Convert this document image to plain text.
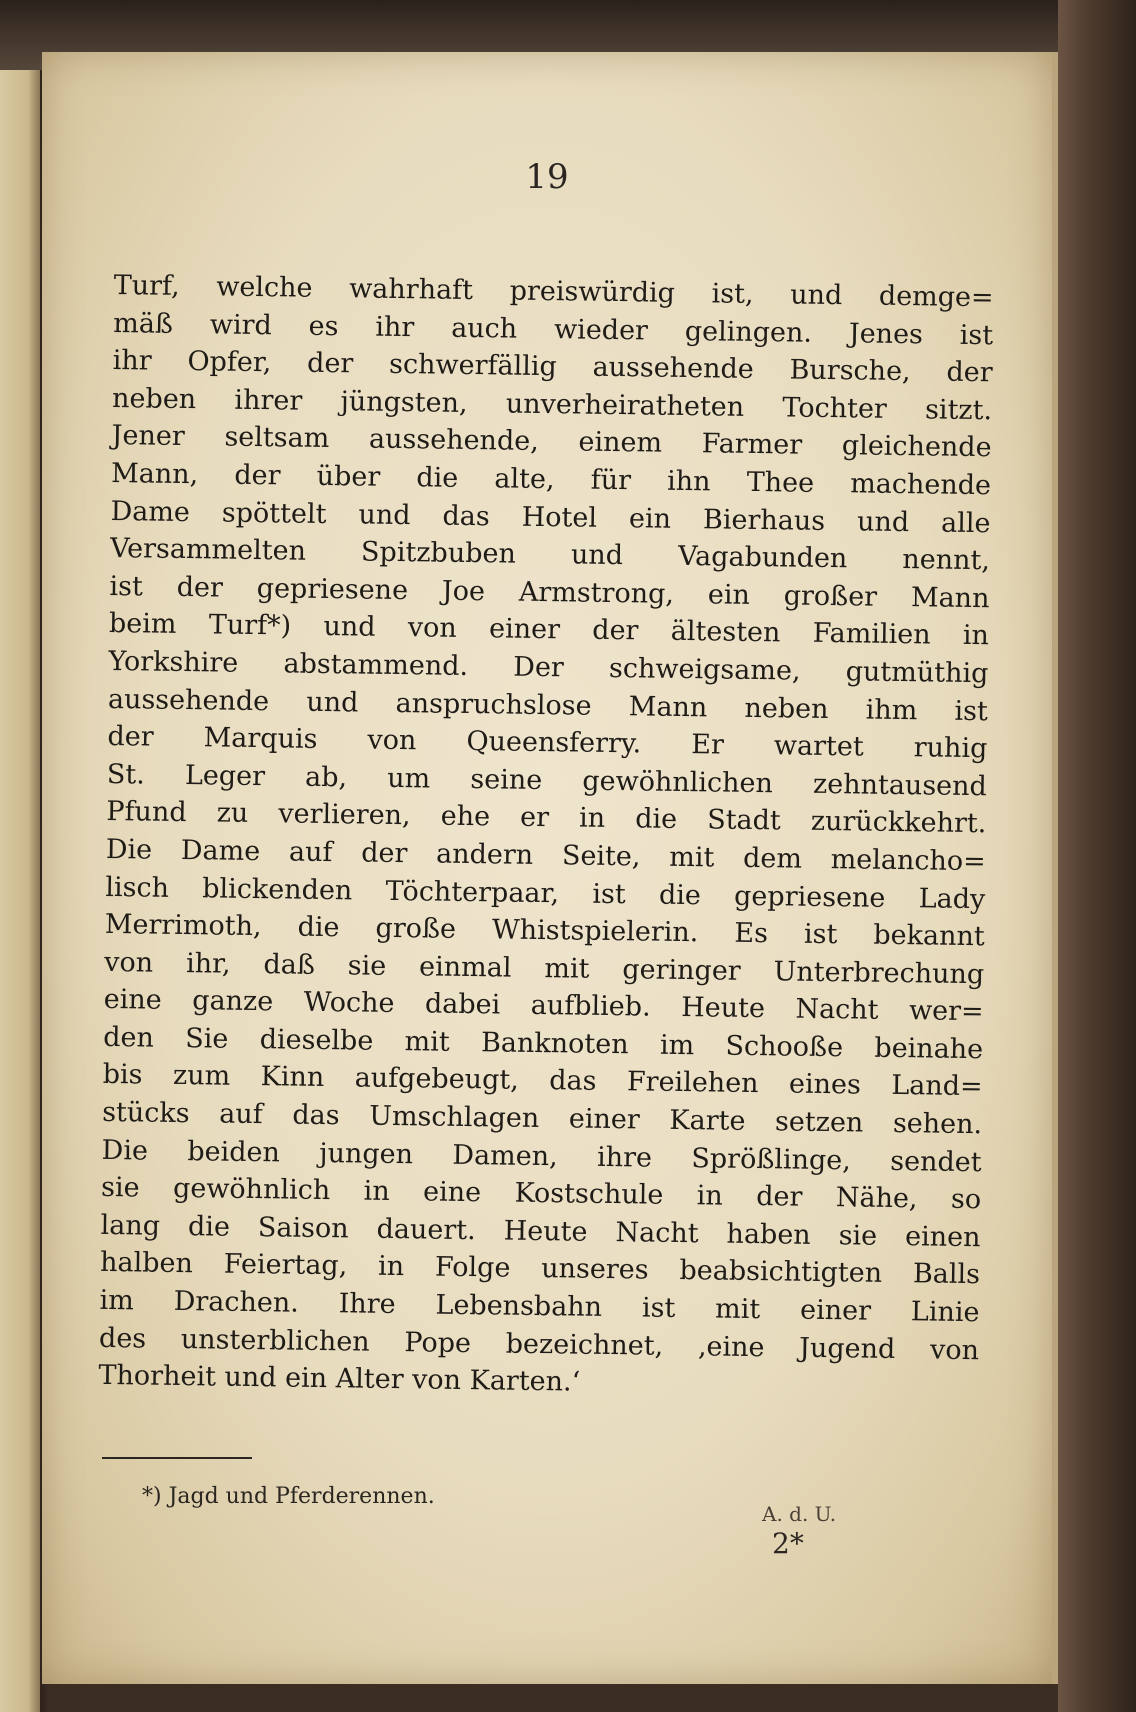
19
Turf, welche wahrhaft preiswürdig ist, und demge=
mäß wird es ihr auch wieder gelingen. Jenes ist
ihr Opfer, der schwerfällig aussehende Bursche, der
neben ihrer jüngsten, unverheiratheten Tochter sitzt.
Jener seltsam aussehende, einem Farmer gleichende
Mann, der über die alte, für ihn Thee machende
Dame spöttelt und das Hotel ein Bierhaus und alle
Versammelten Spitzbuben und Vagabunden nennt,
ist der gepriesene Joe Armstrong, ein großer Mann
beim Turf*) und von einer der ältesten Familien in
Yorkshire abstammend. Der schweigsame, gutmüthig
aussehende und anspruchslose Mann neben ihm ist
der Marquis von Queensferry. Er wartet ruhig
St. Leger ab, um seine gewöhnlichen zehntausend
Pfund zu verlieren, ehe er in die Stadt zurückkehrt.
Die Dame auf der andern Seite, mit dem melancho=
lisch blickenden Töchterpaar, ist die gepriesene Lady
Merrimoth, die große Whistspielerin. Es ist bekannt
von ihr, daß sie einmal mit geringer Unterbrechung
eine ganze Woche dabei aufblieb. Heute Nacht wer=
den Sie dieselbe mit Banknoten im Schooße beinahe
bis zum Kinn aufgebeugt, das Freilehen eines Land=
stücks auf das Umschlagen einer Karte setzen sehen.
Die beiden jungen Damen, ihre Sprößlinge, sendet
sie gewöhnlich in eine Kostschule in der Nähe, so
lang die Saison dauert. Heute Nacht haben sie einen
halben Feiertag, in Folge unseres beabsichtigten Balls
im Drachen. Ihre Lebensbahn ist mit einer Linie
des unsterblichen Pope bezeichnet, ‚eine Jugend von
Thorheit und ein Alter von Karten.‘
*) Jagd und Pferderennen.
A. d. U.
2*
